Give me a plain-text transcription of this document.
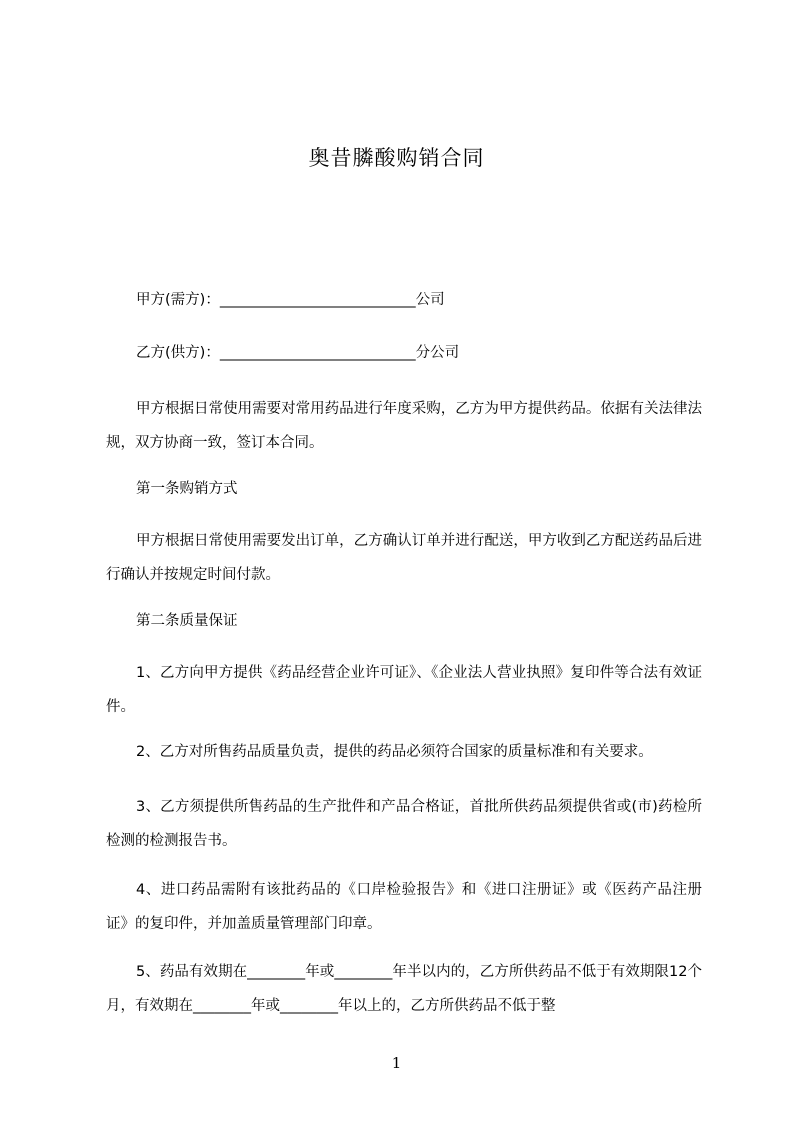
奥昔膦酸购销合同
甲方(需方)：___________________________公司
乙方(供方)：___________________________分公司
甲方根据日常使用需要对常用药品进行年度采购，乙方为甲方提供药品。依据有关法律法规，双方协商一致，签订本合同。
第一条购销方式
甲方根据日常使用需要发出订单，乙方确认订单并进行配送，甲方收到乙方配送药品后进行确认并按规定时间付款。
第二条质量保证
1、乙方向甲方提供《药品经营企业许可证》、《企业法人营业执照》复印件等合法有效证件。
2、乙方对所售药品质量负责，提供的药品必须符合国家的质量标准和有关要求。
3、乙方须提供所售药品的生产批件和产品合格证，首批所供药品须提供省或(市)药检所检测的检测报告书。
4、进口药品需附有该批药品的《口岸检验报告》和《进口注册证》或《医药产品注册证》的复印件，并加盖质量管理部门印章。
5、药品有效期在________年或________年半以内的，乙方所供药品不低于有效期限12个月，有效期在________年或________年以上的，乙方所供药品不低于整
1
